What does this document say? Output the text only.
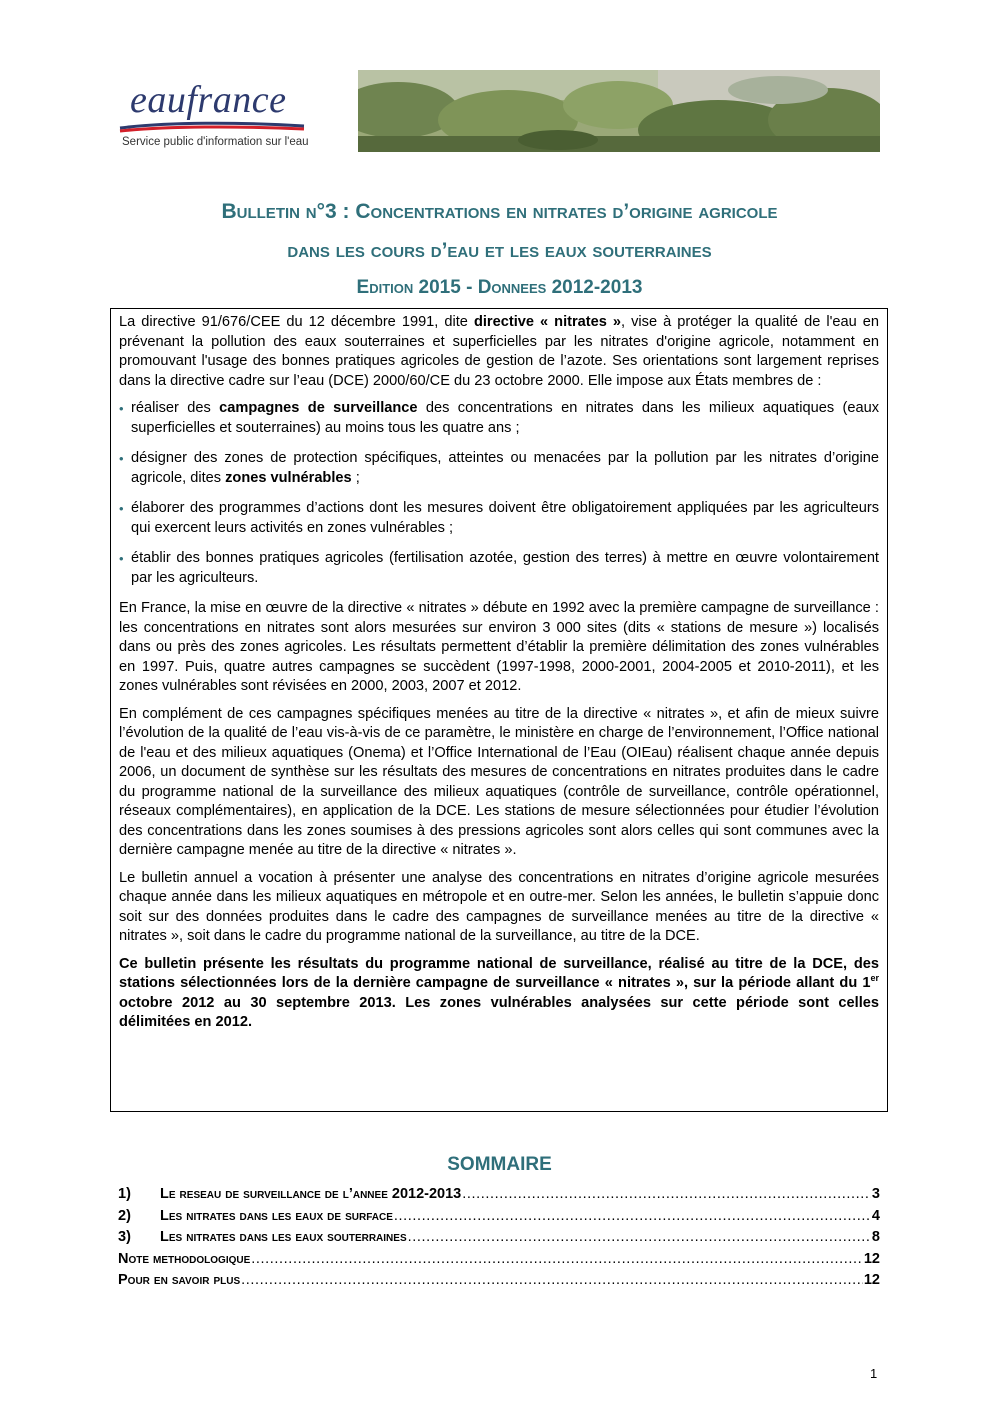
eaufrance
Service public d'information sur l'eau
Bulletin n°3 : Concentrations en nitrates d’origine agricole
dans les cours d’eau et les eaux souterraines
Edition 2015 - Donnees 2012-2013

La directive 91/676/CEE du 12 décembre 1991, dite directive « nitrates », vise à protéger la qualité de l'eau en prévenant la pollution des eaux souterraines et superficielles par les nitrates d'origine agricole, notamment en promouvant l'usage des bonnes pratiques agricoles de gestion de l’azote. Ses orientations sont largement reprises dans la directive cadre sur l’eau (DCE) 2000/60/CE du 23 octobre 2000. Elle impose aux États membres de :

• réaliser des campagnes de surveillance des concentrations en nitrates dans les milieux aquatiques (eaux superficielles et souterraines) au moins tous les quatre ans ;
• désigner des zones de protection spécifiques, atteintes ou menacées par la pollution par les nitrates d’origine agricole, dites zones vulnérables ;
• élaborer des programmes d’actions dont les mesures doivent être obligatoirement appliquées par les agriculteurs qui exercent leurs activités en zones vulnérables ;
• établir des bonnes pratiques agricoles (fertilisation azotée, gestion des terres) à mettre en œuvre volontairement par les agriculteurs.

En France, la mise en œuvre de la directive « nitrates » débute en 1992 avec la première campagne de surveillance : les concentrations en nitrates sont alors mesurées sur environ 3 000 sites (dits « stations de mesure ») localisés dans ou près des zones agricoles. Les résultats permettent d’établir la première délimitation des zones vulnérables en 1997. Puis, quatre autres campagnes se succèdent (1997-1998, 2000-2001, 2004-2005 et 2010-2011), et les zones vulnérables sont révisées en 2000, 2003, 2007 et 2012.

En complément de ces campagnes spécifiques menées au titre de la directive « nitrates », et afin de mieux suivre l’évolution de la qualité de l’eau vis-à-vis de ce paramètre, le ministère en charge de l’environnement, l’Office national de l'eau et des milieux aquatiques (Onema) et l’Office International de l’Eau (OIEau) réalisent chaque année depuis 2006, un document de synthèse sur les résultats des mesures de concentrations en nitrates produites dans le cadre du programme national de la surveillance des milieux aquatiques (contrôle de surveillance, contrôle opérationnel, réseaux complémentaires), en application de la DCE. Les stations de mesure sélectionnées pour étudier l’évolution des concentrations dans les zones soumises à des pressions agricoles sont alors celles qui sont communes avec la dernière campagne menée au titre de la directive « nitrates ».

Le bulletin annuel a vocation à présenter une analyse des concentrations en nitrates d’origine agricole mesurées chaque année dans les milieux aquatiques en métropole et en outre-mer. Selon les années, le bulletin s’appuie donc soit sur des données produites dans le cadre des campagnes de surveillance menées au titre de la directive « nitrates », soit dans le cadre du programme national de la surveillance, au titre de la DCE.

Ce bulletin présente les résultats du programme national de surveillance, réalisé au titre de la DCE, des stations sélectionnées lors de la dernière campagne de surveillance « nitrates », sur la période allant du 1er octobre 2012 au 30 septembre 2013. Les zones vulnérables analysées sur cette période sont celles délimitées en 2012.

SOMMAIRE
1)	Le reseau de surveillance de l’annee 2012-2013 .....	3
2)	Les nitrates dans les eaux de surface .....	4
3)	Les nitrates dans les eaux souterraines .....	8
Note methodologique .....	12
Pour en savoir plus .....	12
1
